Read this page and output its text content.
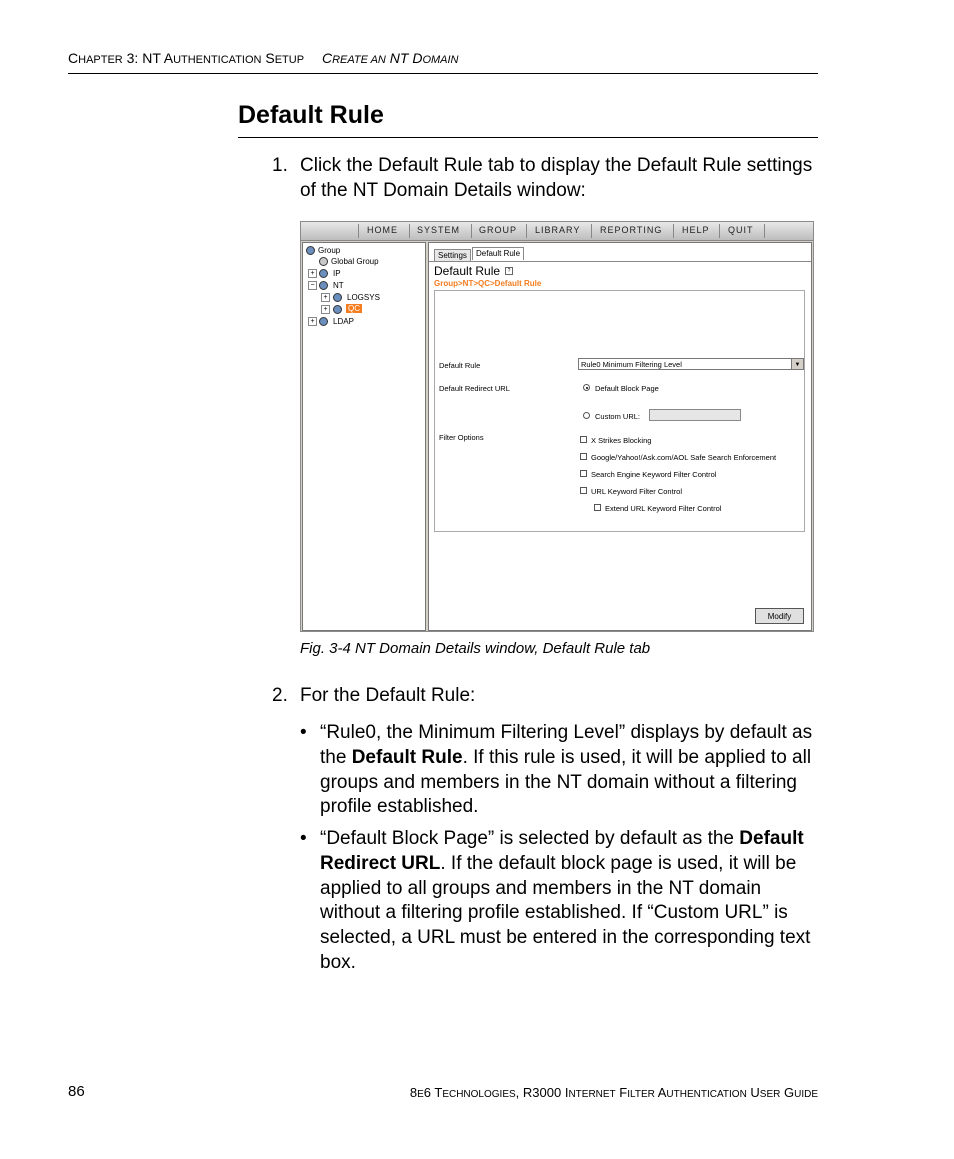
CHAPTER 3: NT AUTHENTICATION SETUP CREATE AN NT DOMAIN
Default Rule
1. Click the Default Rule tab to display the Default Rule settings of the NT Domain Details window:
HOME SYSTEM GROUP LIBRARY REPORTING HELP QUIT
Group
Global Group
+	IP
−	NT
+	LOGSYS
+	QC
+	LDAP
Settings	Default Rule
Default Rule	?
Group>NT>QC>Default Rule
Default Rule	Rule0 Minimum Filtering Level	▼
Default Redirect URL	Default Block Page
Custom URL:
Filter Options	X Strikes Blocking
Google/Yahoo!/Ask.com/AOL Safe Search Enforcement
Search Engine Keyword Filter Control
URL Keyword Filter Control
Extend URL Keyword Filter Control
Modify
Fig. 3-4 NT Domain Details window, Default Rule tab
2. For the Default Rule:
• “Rule0, the Minimum Filtering Level” displays by default as the Default Rule. If this rule is used, it will be applied to all groups and members in the NT domain without a filtering profile established.
• “Default Block Page” is selected by default as the Default Redirect URL. If the default block page is used, it will be applied to all groups and members in the NT domain without a filtering profile established. If “Custom URL” is selected, a URL must be entered in the corresponding text box.
86	8E6 TECHNOLOGIES, R3000 INTERNET FILTER AUTHENTICATION USER GUIDE
